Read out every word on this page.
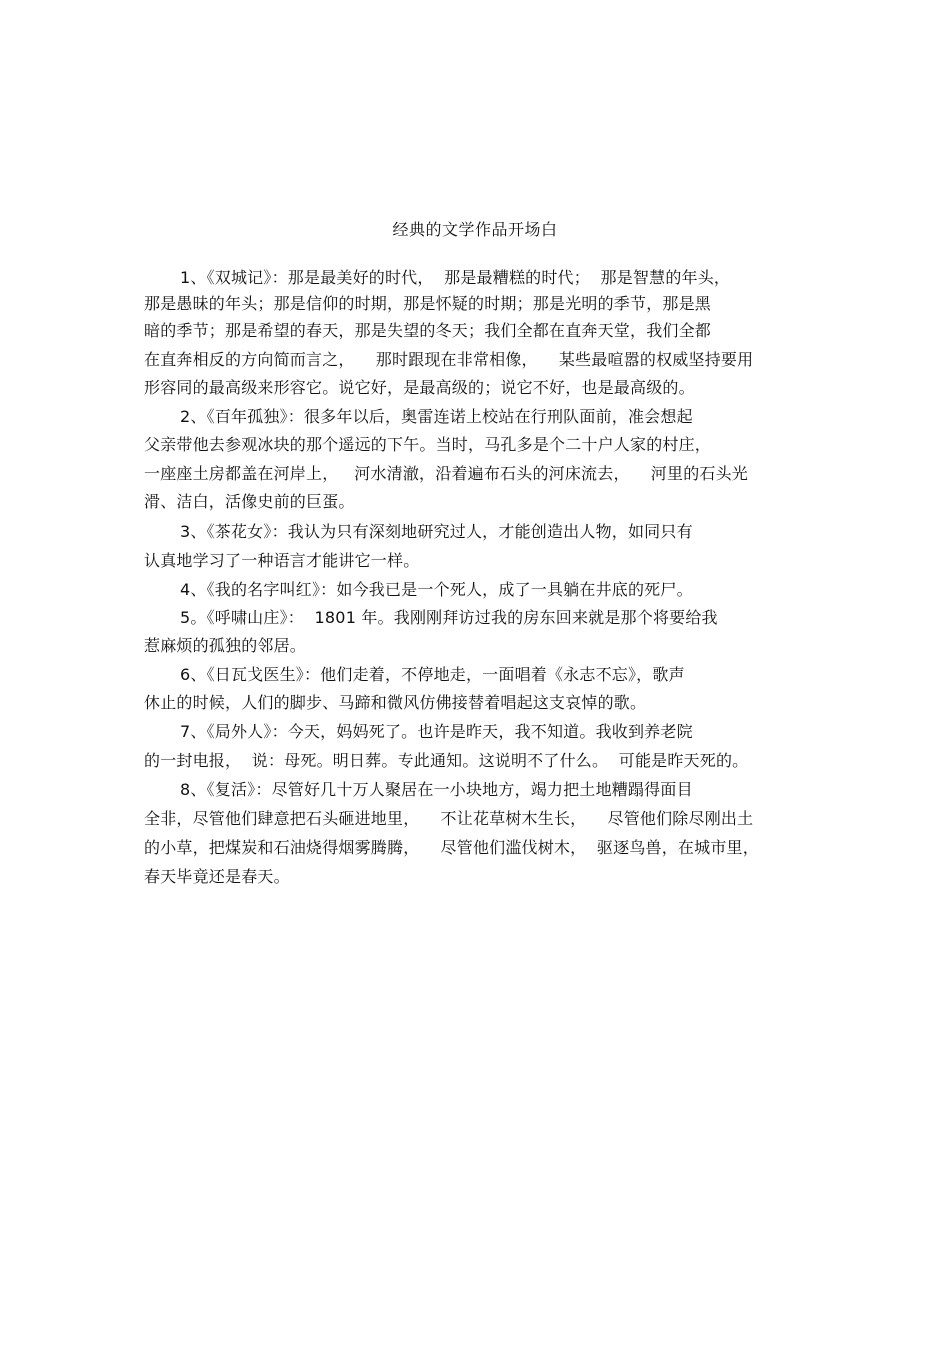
经典的文学作品开场白
1、《双城记》：那是最美好的时代，  那是最糟糕的时代；  那是智慧的年头，
那是愚昧的年头；那是信仰的时期，那是怀疑的时期；那是光明的季节，那是黑
暗的季节；那是希望的春天，那是失望的冬天；我们全都在直奔天堂，我们全都
在直奔相反的方向简而言之，    那时跟现在非常相像，    某些最喧嚣的权威坚持要用
形容同的最高级来形容它。说它好，是最高级的；说它不好，也是最高级的。
2、《百年孤独》：很多年以后，奥雷连诺上校站在行刑队面前，准会想起
父亲带他去参观冰块的那个遥远的下午。当时，马孔多是个二十户人家的村庄，
一座座土房都盖在河岸上，   河水清澈，沿着遍布石头的河床流去，    河里的石头光
滑、洁白，活像史前的巨蛋。
3、《茶花女》：我认为只有深刻地研究过人，才能创造出人物，如同只有
认真地学习了一种语言才能讲它一样。
4、《我的名字叫红》：如今我已是一个死人，成了一具躺在井底的死尸。
5。《呼啸山庄》：  1801 年。我刚刚拜访过我的房东回来就是那个将要给我
惹麻烦的孤独的邻居。
6、《日瓦戈医生》：他们走着，不停地走，一面唱着《永志不忘》，歌声
休止的时候，人们的脚步、马蹄和微风仿佛接替着唱起这支哀悼的歌。
7、《局外人》：今天，妈妈死了。也许是昨天，我不知道。我收到养老院
的一封电报，  说：母死。明日葬。专此通知。这说明不了什么。  可能是昨天死的。
8、《复活》：尽管好几十万人聚居在一小块地方，竭力把土地糟蹋得面目
全非，尽管他们肆意把石头砸进地里，    不让花草树木生长，    尽管他们除尽刚出土
的小草，把煤炭和石油烧得烟雾腾腾，    尽管他们滥伐树木，  驱逐鸟兽，在城市里，
春天毕竟还是春天。
